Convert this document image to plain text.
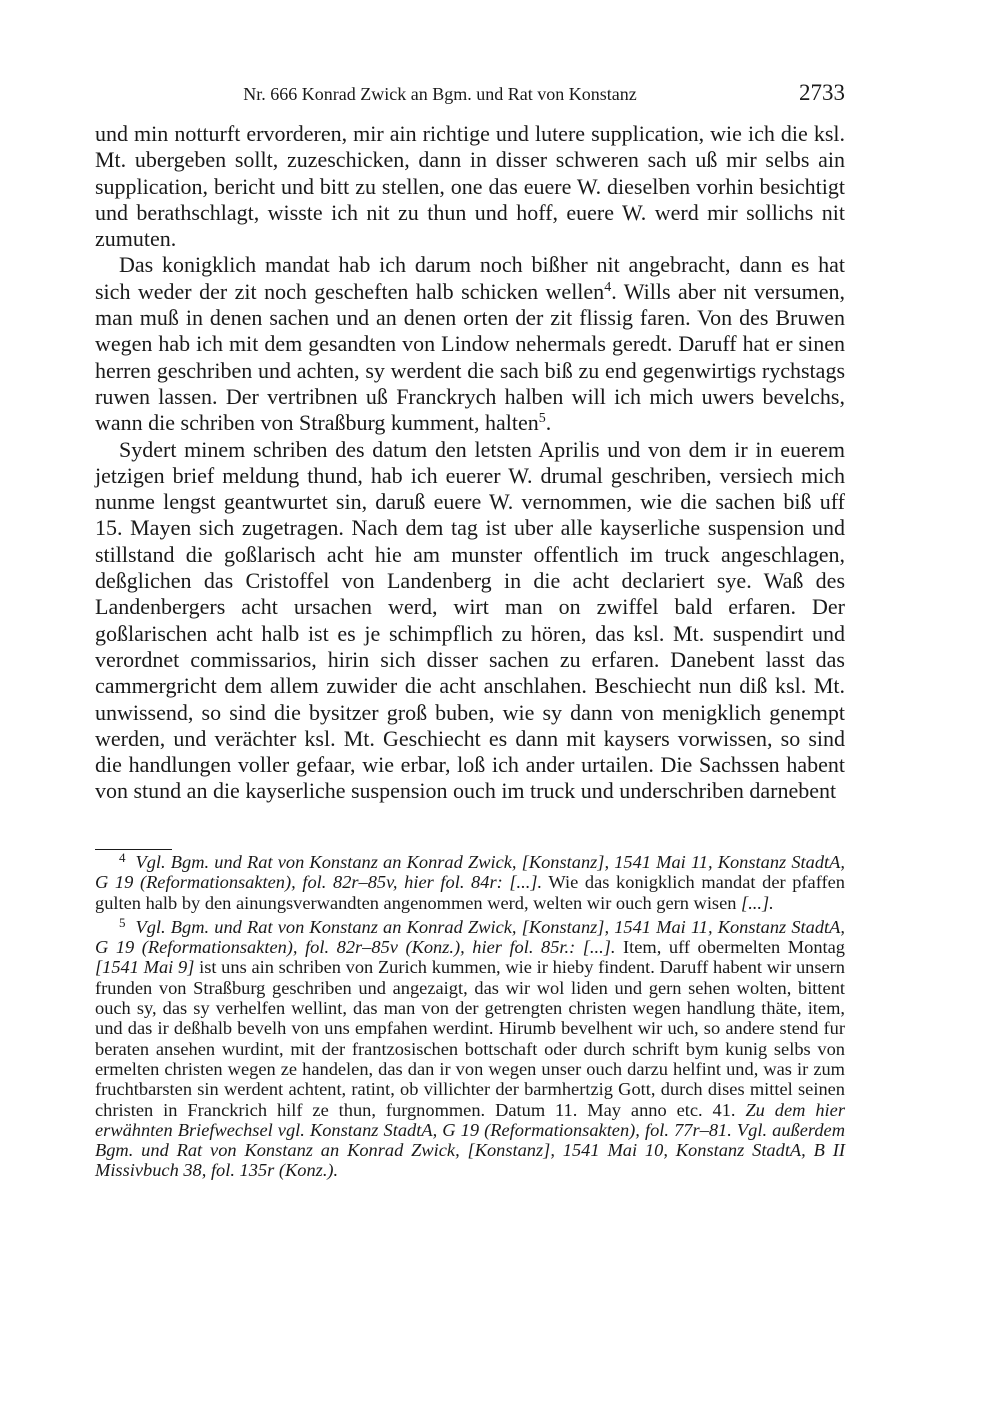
Nr. 666 Konrad Zwick an Bgm. und Rat von Konstanz	2733

und min notturft ervorderen, mir ain richtige und lutere supplication, wie ich die ksl. Mt. ubergeben sollt, zuzeschicken, dann in disser schweren sach uß mir selbs ain supplication, bericht und bitt zu stellen, one das euere W. dieselben vorhin besichtigt und berathschlagt, wisste ich nit zu thun und hoff, euere W. werd mir sollichs nit zumuten.

Das konigklich mandat hab ich darum noch bißher nit angebracht, dann es hat sich weder der zit noch gescheften halb schicken wellen$^4$. Wills aber nit versumen, man muß in denen sachen und an denen orten der zit flissig faren. Von des Bruwen wegen hab ich mit dem gesandten von Lindow nehermals geredt. Daruff hat er sinen herren geschriben und achten, sy werdent die sach biß zu end gegenwirtigs rychstags ruwen lassen. Der vertribnen uß Franckrych halben will ich mich uwers bevelchs, wann die schriben von Straßburg kumment, halten$^5$.

Sydert minem schriben des datum den letsten Aprilis und von dem ir in euerem jetzigen brief meldung thund, hab ich euerer W. drumal geschriben, versiech mich nunme lengst geantwurtet sin, daruß euere W. vernommen, wie die sachen biß uff 15. Mayen sich zugetragen. Nach dem tag ist uber alle kayserliche suspension und stillstand die goßlarisch acht hie am munster offentlich im truck angeschlagen, deßglichen das Cristoffel von Landenberg in die acht declariert sye. Waß des Landenbergers acht ursachen werd, wirt man on zwiffel bald erfaren. Der goßlarischen acht halb ist es je schimpflich zu hören, das ksl. Mt. suspendirt und verordnet commissarios, hirin sich disser sachen zu erfaren. Danebent lasst das cammergricht dem allem zuwider die acht anschlahen. Beschiecht nun diß ksl. Mt. unwissend, so sind die bysitzer groß buben, wie sy dann von menigklich genempt werden, und verächter ksl. Mt. Geschiecht es dann mit kaysers vorwissen, so sind die handlungen voller gefaar, wie erbar, loß ich ander urtailen. Die Sachssen habent von stund an die kayserliche suspension ouch im truck und underschriben darnebent

$^4$ Vgl. Bgm. und Rat von Konstanz an Konrad Zwick, [Konstanz], 1541 Mai 11, Konstanz StadtA, G 19 (Reformationsakten), fol. 82r–85v, hier fol. 84r: [...]. Wie das konigklich mandat der pfaffen gulten halb by den ainungsverwandten angenommen werd, welten wir ouch gern wisen [...].

$^5$ Vgl. Bgm. und Rat von Konstanz an Konrad Zwick, [Konstanz], 1541 Mai 11, Konstanz StadtA, G 19 (Reformationsakten), fol. 82r–85v (Konz.), hier fol. 85r.: [...]. Item, uff obermelten Montag [1541 Mai 9] ist uns ain schriben von Zurich kummen, wie ir hieby findent. Daruff habent wir unsern frunden von Straßburg geschriben und angezaigt, das wir wol liden und gern sehen wolten, bittent ouch sy, das sy verhelfen wellint, das man von der getrengten christen wegen handlung thäte, item, und das ir deßhalb bevelh von uns empfahen werdint. Hirumb bevelhent wir uch, so andere stend fur beraten ansehen wurdint, mit der frantzosischen bottschaft oder durch schrift bym kunig selbs von ermelten christen wegen ze handelen, das dan ir von wegen unser ouch darzu helfint und, was ir zum fruchtbarsten sin werdent achtent, ratint, ob villichter der barmhertzig Gott, durch dises mittel seinen christen in Franckrich hilf ze thun, furgnommen. Datum 11. May anno etc. 41. Zu dem hier erwähnten Briefwechsel vgl. Konstanz StadtA, G 19 (Reformationsakten), fol. 77r–81. Vgl. außerdem Bgm. und Rat von Konstanz an Konrad Zwick, [Konstanz], 1541 Mai 10, Konstanz StadtA, B II Missivbuch 38, fol. 135r (Konz.).
